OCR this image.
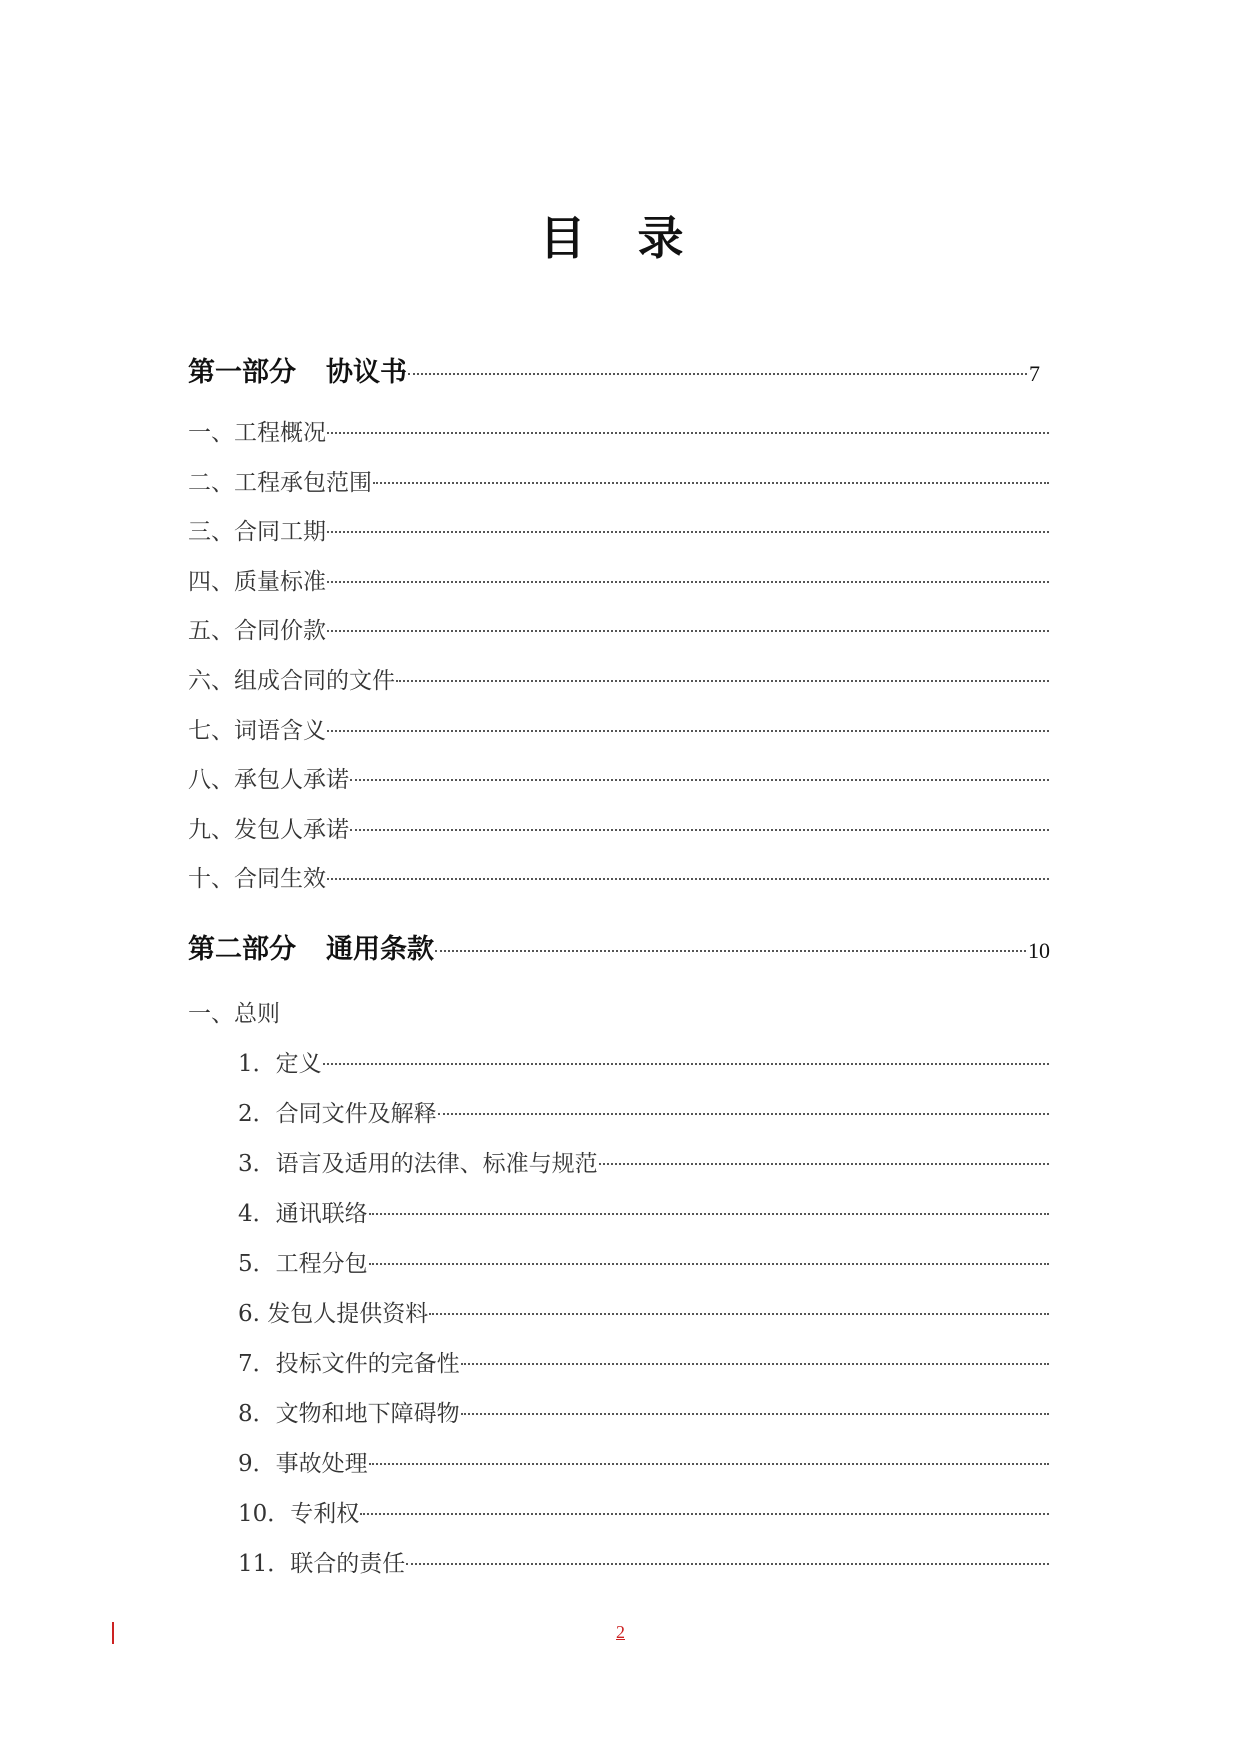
目 录
第一部分 协议书	7
一、工程概况
二、工程承包范围
三、合同工期
四、质量标准
五、合同价款
六、组成合同的文件
七、词语含义
八、承包人承诺
九、发包人承诺
十、合同生效
第二部分 通用条款	10
一、总则
1．定义
2．合同文件及解释
3．语言及适用的法律、标准与规范
4．通讯联络
5．工程分包
6. 发包人提供资料
7．投标文件的完备性
8．文物和地下障碍物
9．事故处理
10．专利权
11．联合的责任
2
